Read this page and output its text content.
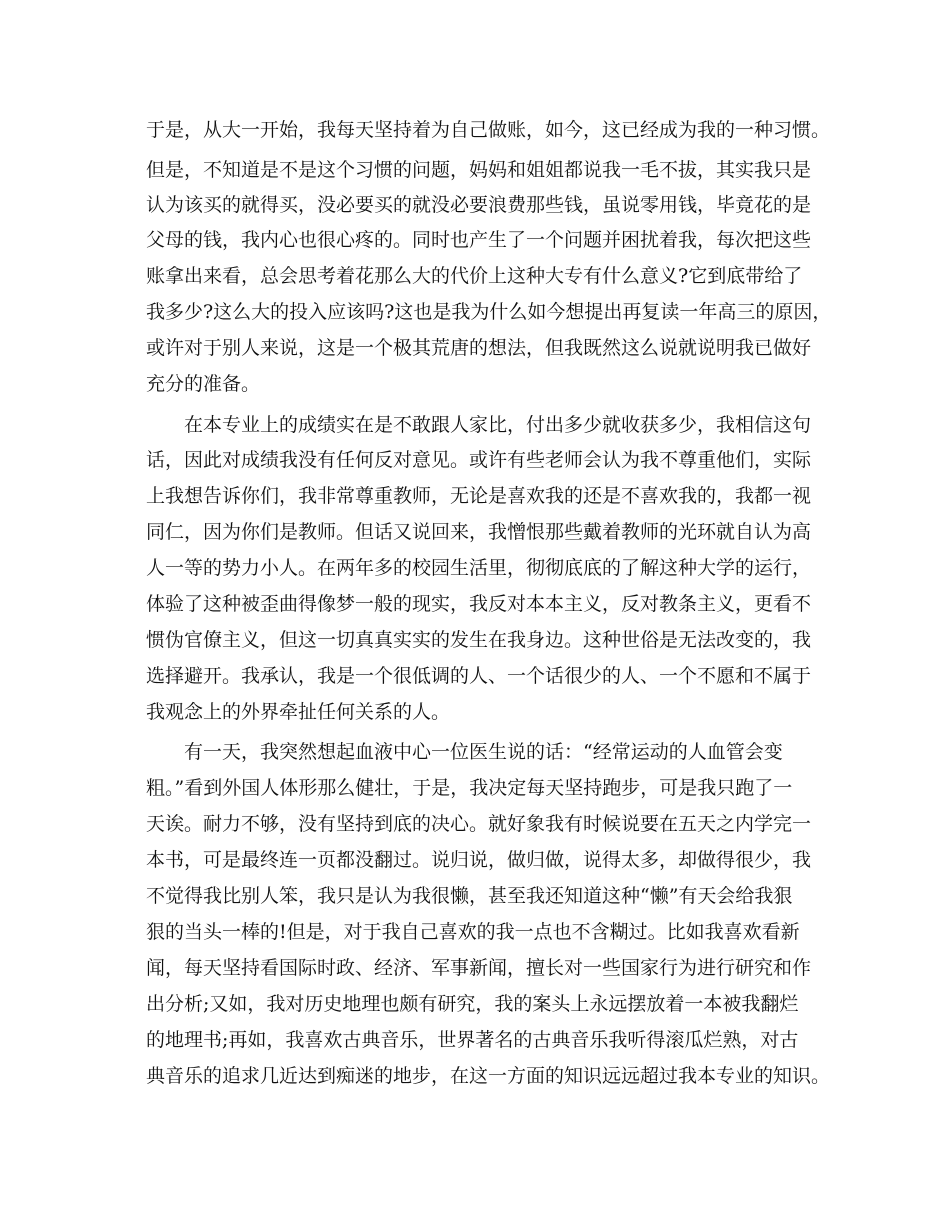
于是，从大一开始，我每天坚持着为自己做账，如今，这已经成为我的一种习惯。
但是，不知道是不是这个习惯的问题，妈妈和姐姐都说我一毛不拔，其实我只是
认为该买的就得买，没必要买的就没必要浪费那些钱，虽说零用钱，毕竟花的是
父母的钱，我内心也很心疼的。同时也产生了一个问题并困扰着我，每次把这些
账拿出来看，总会思考着花那么大的代价上这种大专有什么意义?它到底带给了
我多少?这么大的投入应该吗?这也是我为什么如今想提出再复读一年高三的原因，
或许对于别人来说，这是一个极其荒唐的想法，但我既然这么说就说明我已做好
充分的准备。
在本专业上的成绩实在是不敢跟人家比，付出多少就收获多少，我相信这句
话，因此对成绩我没有任何反对意见。或许有些老师会认为我不尊重他们，实际
上我想告诉你们，我非常尊重教师，无论是喜欢我的还是不喜欢我的，我都一视
同仁，因为你们是教师。但话又说回来，我憎恨那些戴着教师的光环就自认为高
人一等的势力小人。在两年多的校园生活里，彻彻底底的了解这种大学的运行，
体验了这种被歪曲得像梦一般的现实，我反对本本主义，反对教条主义，更看不
惯伪官僚主义，但这一切真真实实的发生在我身边。这种世俗是无法改变的，我
选择避开。我承认，我是一个很低调的人、一个话很少的人、一个不愿和不属于
我观念上的外界牵扯任何关系的人。
有一天，我突然想起血液中心一位医生说的话：“经常运动的人血管会变
粗。”看到外国人体形那么健壮，于是，我决定每天坚持跑步，可是我只跑了一
天诶。耐力不够，没有坚持到底的决心。就好象我有时候说要在五天之内学完一
本书，可是最终连一页都没翻过。说归说，做归做，说得太多，却做得很少，我
不觉得我比别人笨，我只是认为我很懒，甚至我还知道这种“懒”有天会给我狠
狠的当头一棒的!但是，对于我自己喜欢的我一点也不含糊过。比如我喜欢看新
闻，每天坚持看国际时政、经济、军事新闻，擅长对一些国家行为进行研究和作
出分析;又如，我对历史地理也颇有研究，我的案头上永远摆放着一本被我翻烂
的地理书;再如，我喜欢古典音乐，世界著名的古典音乐我听得滚瓜烂熟，对古
典音乐的追求几近达到痴迷的地步，在这一方面的知识远远超过我本专业的知识。
